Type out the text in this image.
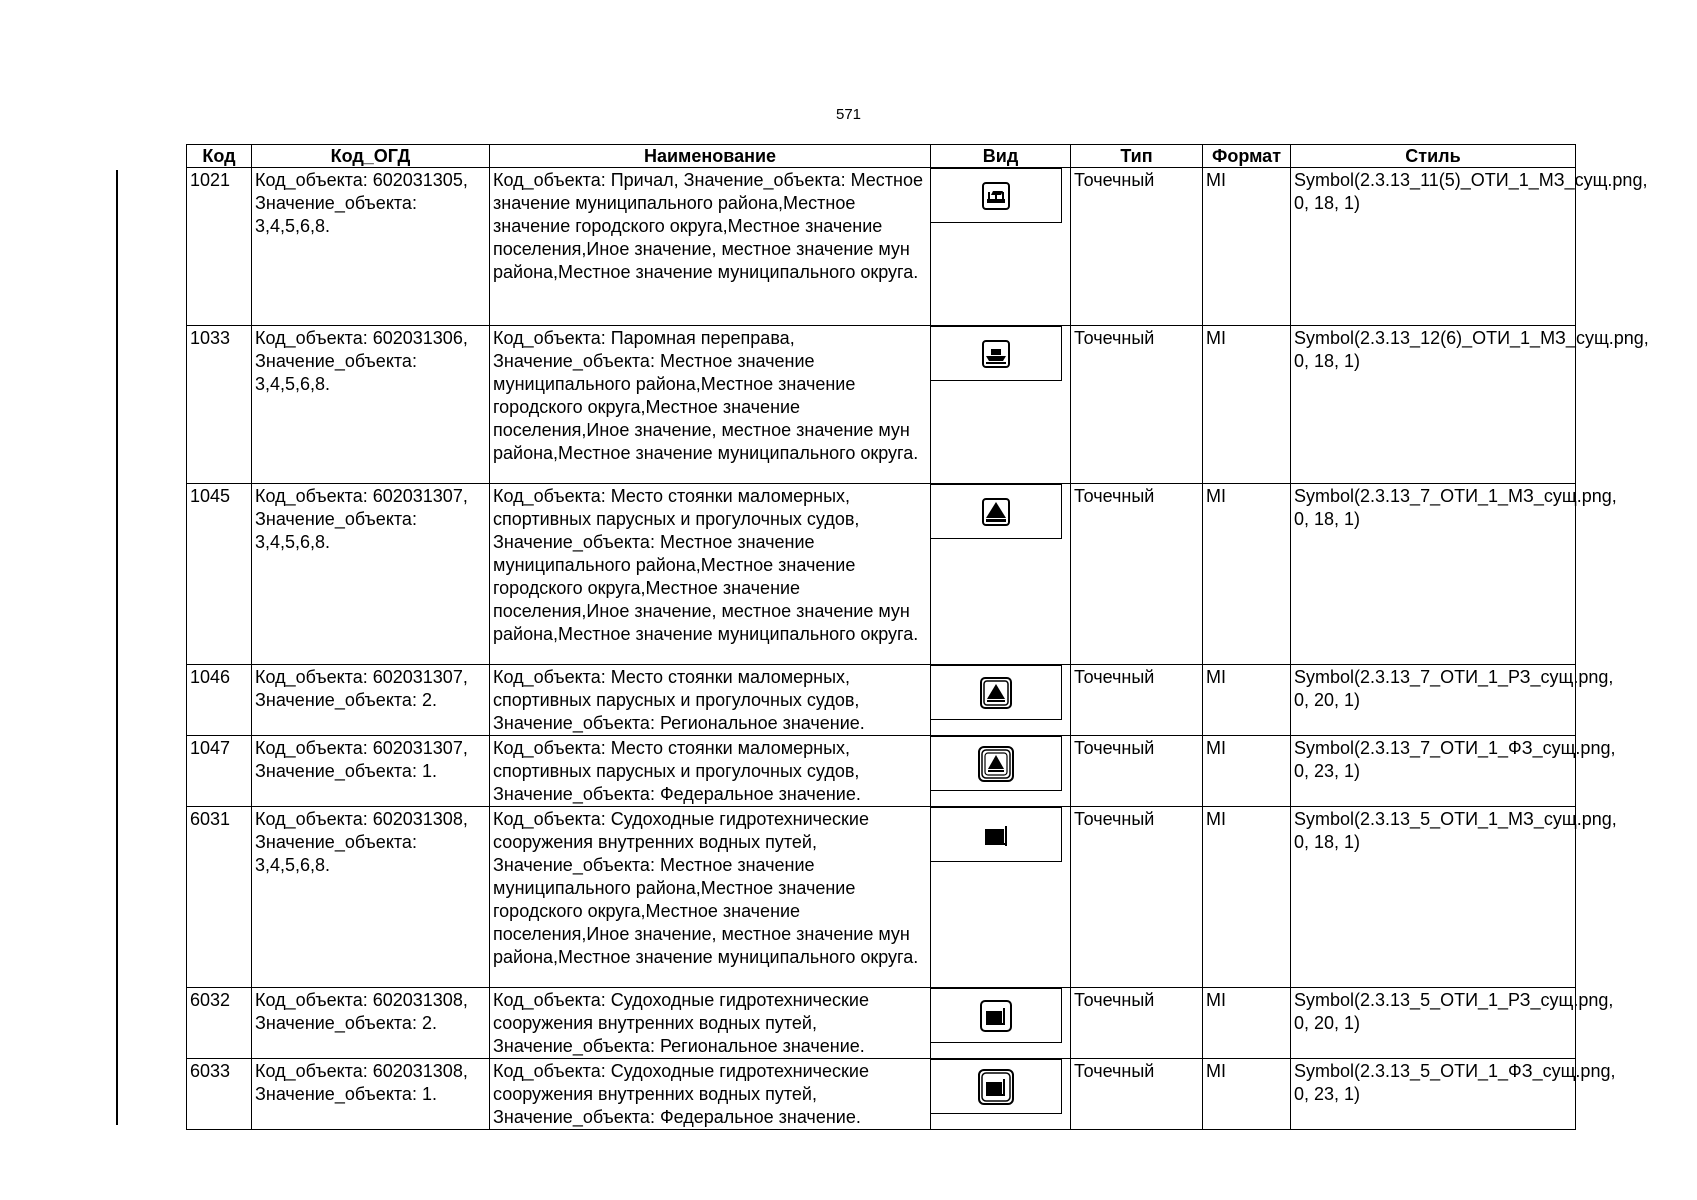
571
Код	Код_ОГД	Наименование	Вид	Тип	Формат	Стиль
1021	Код_объекта: 602031305, Значение_объекта: 3,4,5,6,8.	Код_объекта: Причал, Значение_объекта: Местное значение муниципального района,Местное значение городского округа,Местное значение поселения,Иное значение, местное значение мун района,Местное значение муниципального округа.		Точечный	MI	Symbol(2.3.13_11(5)_ОТИ_1_МЗ_сущ.png, 0, 18, 1)
1033	Код_объекта: 602031306, Значение_объекта: 3,4,5,6,8.	Код_объекта: Паромная переправа, Значение_объекта: Местное значение муниципального района,Местное значение городского округа,Местное значение поселения,Иное значение, местное значение мун района,Местное значение муниципального округа.		Точечный	MI	Symbol(2.3.13_12(6)_ОТИ_1_МЗ_сущ.png, 0, 18, 1)
1045	Код_объекта: 602031307, Значение_объекта: 3,4,5,6,8.	Код_объекта: Место стоянки маломерных, спортивных парусных и прогулочных судов, Значение_объекта: Местное значение муниципального района,Местное значение городского округа,Местное значение поселения,Иное значение, местное значение мун района,Местное значение муниципального округа.		Точечный	MI	Symbol(2.3.13_7_ОТИ_1_МЗ_сущ.png, 0, 18, 1)
1046	Код_объекта: 602031307, Значение_объекта: 2.	Код_объекта: Место стоянки маломерных, спортивных парусных и прогулочных судов, Значение_объекта: Региональное значение.		Точечный	MI	Symbol(2.3.13_7_ОТИ_1_РЗ_сущ.png, 0, 20, 1)
1047	Код_объекта: 602031307, Значение_объекта: 1.	Код_объекта: Место стоянки маломерных, спортивных парусных и прогулочных судов, Значение_объекта: Федеральное значение.		Точечный	MI	Symbol(2.3.13_7_ОТИ_1_ФЗ_сущ.png, 0, 23, 1)
6031	Код_объекта: 602031308, Значение_объекта: 3,4,5,6,8.	Код_объекта: Судоходные гидротехнические сооружения внутренних водных путей, Значение_объекта: Местное значение муниципального района,Местное значение городского округа,Местное значение поселения,Иное значение, местное значение мун района,Местное значение муниципального округа.		Точечный	MI	Symbol(2.3.13_5_ОТИ_1_МЗ_сущ.png, 0, 18, 1)
6032	Код_объекта: 602031308, Значение_объекта: 2.	Код_объекта: Судоходные гидротехнические сооружения внутренних водных путей, Значение_объекта: Региональное значение.		Точечный	MI	Symbol(2.3.13_5_ОТИ_1_РЗ_сущ.png, 0, 20, 1)
6033	Код_объекта: 602031308, Значение_объекта: 1.	Код_объекта: Судоходные гидротехнические сооружения внутренних водных путей, Значение_объекта: Федеральное значение.		Точечный	MI	Symbol(2.3.13_5_ОТИ_1_ФЗ_сущ.png, 0, 23, 1)
